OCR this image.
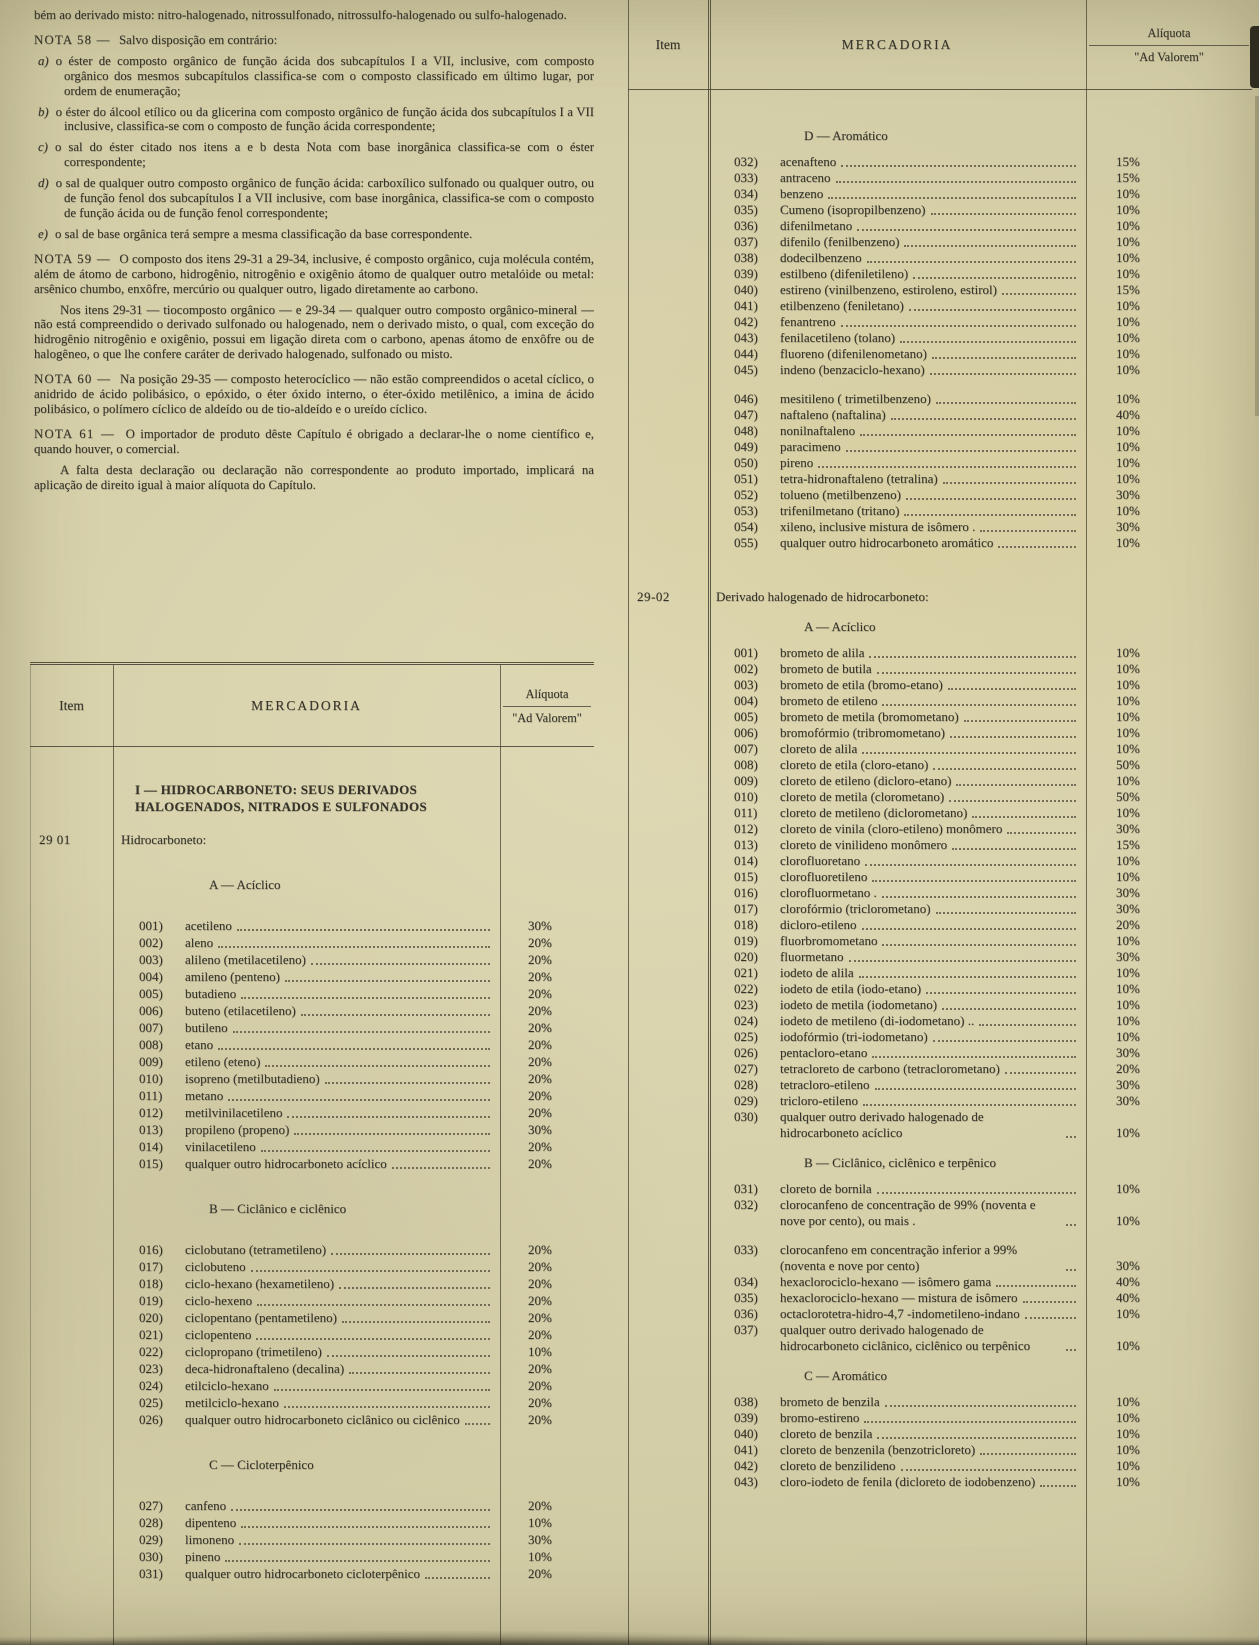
bém ao derivado misto: nitro-halogenado, nitrossulfonado, nitrossulfo-halogenado ou sulfo-halogenado.

NOTA 58 — Salvo disposição em contrário:

a) o éster de composto orgânico de função ácida dos subcapítulos I a VII, inclusive, com composto orgânico dos mesmos subcapítulos classifica-se com o composto classificado em último lugar, por ordem de enumeração;

b) o éster do álcool etílico ou da glicerina com composto orgânico de função ácida dos subcapítulos I a VII inclusive, classifica-se com o composto de função ácida correspondente;

c) o sal do éster citado nos itens a e b desta Nota com base inorgânica classifica-se com o éster correspondente;

d) o sal de qualquer outro composto orgânico de função ácida: carboxílico sulfonado ou qualquer outro, ou de função fenol dos subcapítulos I a VII inclusive, com base inorgânica, classifica-se com o composto de função ácida ou de função fenol correspondente;

e) o sal de base orgânica terá sempre a mesma classificação da base correspondente.

NOTA 59 — O composto dos itens 29-31 a 29-34, inclusive, é composto orgânico, cuja molécula contém, além de átomo de carbono, hidrogênio, nitrogênio e oxigênio átomo de qualquer outro metalóide ou metal: arsênico chumbo, enxôfre, mercúrio ou qualquer outro, ligado diretamente ao carbono.

Nos itens 29-31 — tiocomposto orgânico — e 29-34 — qualquer outro composto orgânico-mineral — não está compreendido o derivado sulfonado ou halogenado, nem o derivado misto, o qual, com exceção do hidrogênio nitrogênio e oxigênio, possui em ligação direta com o carbono, apenas átomo de enxôfre ou de halogêneo, o que lhe confere caráter de derivado halogenado, sulfonado ou misto.

NOTA 60 — Na posição 29-35 — composto heterocíclico — não estão compreendidos o acetal cíclico, o anidrido de ácido polibásico, o epóxido, o éter óxido interno, o éter-óxido metilênico, a imina de ácido polibásico, o polímero cíclico de aldeído ou de tio-aldeído e o ureído cíclico.

NOTA 61 — O importador de produto dêste Capítulo é obrigado a declarar-lhe o nome científico e, quando houver, o comercial.

A falta desta declaração ou declaração não correspondente ao produto importado, implicará na aplicação de direito igual à maior alíquota do Capítulo.

Item	MERCADORIA
Alíquota
"Ad Valorem"
I — HIDROCARBONETO: SEUS DERIVADOS HALOGENADOS, NITRADOS E SULFONADOS
29 01	Hidrocarboneto:
A — Acíclico
001)	acetileno	30%
002)	aleno	20%
003)	alileno (metilacetileno)	20%
004)	amileno (penteno)	20%
005)	butadieno	20%
006)	buteno (etilacetileno)	20%
007)	butileno	20%
008)	etano	20%
009)	etileno (eteno)	20%
010)	isopreno (metilbutadieno)	20%
011)	metano	20%
012)	metilvinilacetileno	20%
013)	propileno (propeno)	30%
014)	vinilacetileno	20%
015)	qualquer outro hidrocarboneto acíclico	20%
B — Ciclânico e ciclênico
016)	ciclobutano (tetrametileno)	20%
017)	ciclobuteno	20%
018)	ciclo-hexano (hexametileno)	20%
019)	ciclo-hexeno	20%
020)	ciclopentano (pentametileno)	20%
021)	ciclopenteno	20%
022)	ciclopropano (trimetileno)	10%
023)	deca-hidronaftaleno (decalina)	20%
024)	etilciclo-hexano	20%
025)	metilciclo-hexano	20%
026)	qualquer outro hidrocarboneto ciclânico ou ciclênico	20%
C — Cicloterpênico
027)	canfeno	20%
028)	dipenteno	10%
029)	limoneno	30%
030)	pineno	10%
031)	qualquer outro hidrocarboneto cicloterpênico	20%
Item	MERCADORIA
Alíquota
"Ad Valorem"
D — Aromático
032)	acenafteno	15%
033)	antraceno	15%
034)	benzeno	10%
035)	Cumeno (isopropilbenzeno)	10%
036)	difenilmetano	10%
037)	difenilo (fenilbenzeno)	10%
038)	dodecilbenzeno	10%
039)	estilbeno (difeniletileno)	10%
040)	estireno (vinilbenzeno, estiroleno, estirol)	15%
041)	etilbenzeno (feniletano)	10%
042)	fenantreno	10%
043)	fenilacetileno (tolano)	10%
044)	fluoreno (difenilenometano)	10%
045)	indeno (benzaciclo-hexano)	10%
046)	mesitileno ( trimetilbenzeno)	10%
047)	naftaleno (naftalina)	40%
048)	nonilnaftaleno	10%
049)	paracimeno	10%
050)	pireno	10%
051)	tetra-hidronaftaleno (tetralina)	10%
052)	tolueno (metilbenzeno)	30%
053)	trifenilmetano (tritano)	10%
054)	xileno, inclusive mistura de isômero .	30%
055)	qualquer outro hidrocarboneto aromático	10%
29-02	Derivado halogenado de hidrocarboneto:
A — Acíclico
001)	brometo de alila	10%
002)	brometo de butila	10%
003)	brometo de etila (bromo-etano)	10%
004)	brometo de etileno	10%
005)	brometo de metila (bromometano)	10%
006)	bromofórmio (tribromometano)	10%
007)	cloreto de alila	10%
008)	cloreto de etila (cloro-etano)	50%
009)	cloreto de etileno (dicloro-etano)	10%
010)	cloreto de metila (clorometano)	50%
011)	cloreto de metileno (diclorometano)	10%
012)	cloreto de vinila (cloro-etileno) monômero	30%
013)	cloreto de vinilideno monômero	15%
014)	clorofluoretano	10%
015)	clorofluoretileno	10%
016)	clorofluormetano .	30%
017)	clorofórmio (triclorometano)	30%
018)	dicloro-etileno	20%
019)	fluorbromometano	10%
020)	fluormetano	30%
021)	iodeto de alila	10%
022)	iodeto de etila (iodo-etano)	10%
023)	iodeto de metila (iodometano)	10%
024)	iodeto de metileno (di-iodometano) ..	10%
025)	iodofórmio (tri-iodometano)	10%
026)	pentacloro-etano	30%
027)	tetracloreto de carbono (tetraclorometano)	20%
028)	tetracloro-etileno	30%
029)	tricloro-etileno	30%
030)	qualquer outro derivado halogenado de hidrocarboneto acíclico	10%
B — Ciclânico, ciclênico e terpênico
031)	cloreto de bornila	10%
032)	clorocanfeno de concentração de 99% (noventa e nove por cento), ou mais .	10%
033)	clorocanfeno em concentração inferior a 99% (noventa e nove por cento)	30%
034)	hexaclorociclo-hexano — isômero gama	40%
035)	hexaclorociclo-hexano — mistura de isômero	40%
036)	octaclorotetra-hidro-4,7 -indometileno-indano	10%
037)	qualquer outro derivado halogenado de hidrocarboneto ciclânico, ciclênico ou terpênico	10%
C — Aromático
038)	brometo de benzila	10%
039)	bromo-estireno	10%
040)	cloreto de benzila	10%
041)	cloreto de benzenila (benzotricloreto)	10%
042)	cloreto de benzilideno	10%
043)	cloro-iodeto de fenila (dicloreto de iodobenzeno)	10%
